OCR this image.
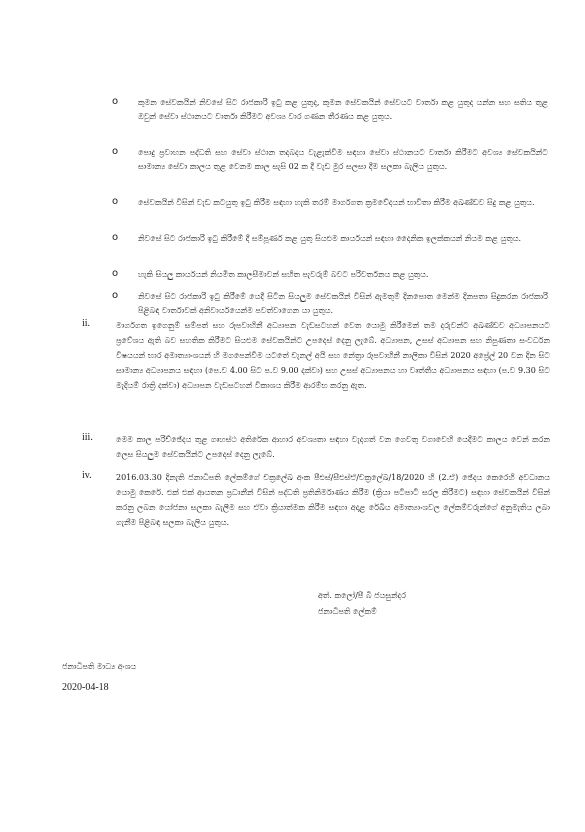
o කුමන සේවකයින් නිවසේ සිට රාජකාරි ඉටු කළ යුතුද, කුමන සේවකයින් සේවයට වාර්තා කළ යුතුද යන්න සහ සතිය තුළ ඔවුන් සේවා ස්ථානයට වාර්තා කිරීමට අවශ්‍ය වාර ගණන තීරණය කළ යුතුය.
o පොදු ප්‍රවාහන පද්ධති සහ සේවා ස්ථාන තදබදය වැළැක්වීම සඳහා සේවා ස්ථානයට වාර්තා කිරීමට අවශ්‍ය සේවකයින්ට සාමාන්‍ය සේවා කාලය තුළ වෙනම කාල සැසි 02 ක දී වැඩ මුර සලසා දීම සලකා බැලිය යුතුය.
o සේවකයින් විසින් වැඩ කටයුතු ඉටු කිරීම සඳහා හැකි තරම් මාර්ගගත ක්‍රමවේදයන් භාවිතා කිරීම අඛණ්ඩව සිදු කළ යුතුය.
o නිවසේ සිට රාජකාරි ඉටු කිරීමේ දී සම්පූර්ණ කළ යුතු සියළුම කාර්යයන් සඳහා දෛනික ඉලක්කයන් නියම කළ යුතුය.
o හැකි සියලු කාර්යයන් නියමිත කාලසීමාවන් සහිත පැවරුම් බවට පරිවර්තනය කළ යුතුය.
o නිවසේ සිට රාජකාරි ඉටු කිරීමේ යෙදී සිටින සියලුම සේවකයින් විසින් ඇමතුම් දිනපොත මෙන්ම දිනපතා සිදුකරන රාජකාරි පිළිබඳ වාර්තාවක් අනිවාර්යයෙන්ම පවත්වාගෙන යා යුතුය.
ii.	මාර්ගගත ඉගෙනුම් සම්පත් සහ රූපවාහිනී අධ්‍යාපන වැඩසටහන් වෙත යොමු කිරීමෙන් තම දරුවන්ට අඛණ්ඩව අධ්‍යාපනයට ප්‍රවේශය ඇති බව සහතික කිරීමට සියළුම සේවකයින්ට උපදෙස් දෙනු ලැබේ. අධ්‍යාපන, උසස් අධ්‍යාපන සහ නිපුණතා සංවර්ධන විෂයයන් භාර අමාත්‍යාංශයන් හි මගපෙන්වීම යටතේ චැනල් අයි සහ නේත්‍රා රූපවාහිනී නාලිකා විසින් 2020 අප්‍රේල් 20 වන දින සිට සාමාන්‍ය අධ්‍යාපනය සඳහා (පෙ.ව 4.00 සිට ප.ව 9.00 දක්වා) සහ උසස් අධ්‍යාපනය හා වෘත්තීය අධ්‍යාපනය සඳහා (ප.ව 9.30 සිට මැදියම් රාත්‍රි දක්වා) අධ්‍යාපන වැඩසටහන් විකාශය කිරීම ආරම්භ කරනු ඇත.
iii.	මෙම කාල පරිච්ඡේදය තුළ ගෘහස්ථ අතිරේක ආහාර අවශ්‍යතා සඳහා වැදගත් වන ගෙවතු වගාවෙහි යෙදීමට කාලය වෙන් කරන ලෙස සියලුම සේවකයින්ට උපදෙස් දෙනු ලැබේ.
iv.	2016.03.30 දිනැති ජනාධිපති ලේකම්ගේ චක්‍රලේඛ අංක පීඑස්/සීඑස්ඒ/චක්‍රලේඛ/18/2020 හි (2.ඒ) ඡේදය කෙරෙහි අවධානය යොමු කෙරේ. එක් එක් ආයතන ප්‍රධානීන් විසින් පද්ධති ප්‍රතිනිර්මාණය කිරීම (ක්‍රියා පටිපාටි සරල කිරීමට) සඳහා සේවකයින් විසින් කරනු ලබන යෝජනා සලකා බැලීම සහ ඒවා ක්‍රියාත්මක කිරීම සඳහා අදාළ රේඛීය අමාත්‍යාංශවල ලේකම්වරුන්ගේ අනුමැතිය ලබා ගැනීම පිළිබඳ සලකා බැලිය යුතුය.
අත්. කලෝ/පී බී ජයසුන්දර
ජනාධිපති ලේකම්
ජනාධිපති මාධ්‍ය අංශය
2020-04-18
